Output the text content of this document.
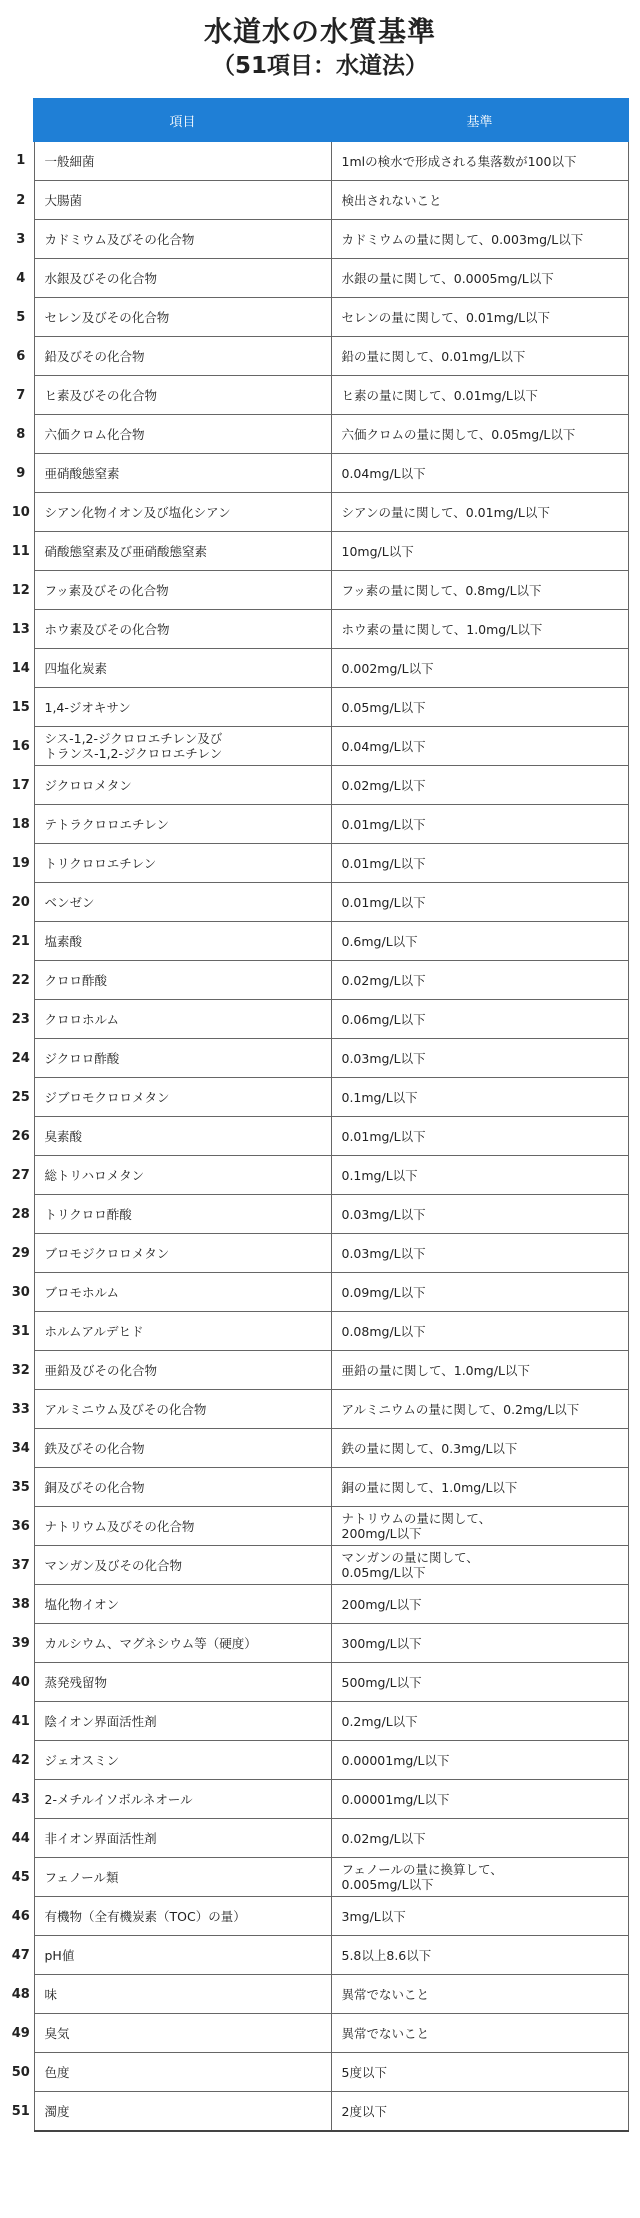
水道水の水質基準

（51項目：水道法）

	項目	基準
1	一般細菌	1mlの検水で形成される集落数が100以下
2	大腸菌	検出されないこと
3	カドミウム及びその化合物	カドミウムの量に関して、0.003mg/L以下
4	水銀及びその化合物	水銀の量に関して、0.0005mg/L以下
5	セレン及びその化合物	セレンの量に関して、0.01mg/L以下
6	鉛及びその化合物	鉛の量に関して、0.01mg/L以下
7	ヒ素及びその化合物	ヒ素の量に関して、0.01mg/L以下
8	六価クロム化合物	六価クロムの量に関して、0.05mg/L以下
9	亜硝酸態窒素	0.04mg/L以下
10	シアン化物イオン及び塩化シアン	シアンの量に関して、0.01mg/L以下
11	硝酸態窒素及び亜硝酸態窒素	10mg/L以下
12	フッ素及びその化合物	フッ素の量に関して、0.8mg/L以下
13	ホウ素及びその化合物	ホウ素の量に関して、1.0mg/L以下
14	四塩化炭素	0.002mg/L以下
15	1,4-ジオキサン	0.05mg/L以下
16	シス-1,2-ジクロロエチレン及び
トランス-1,2-ジクロロエチレン	0.04mg/L以下
17	ジクロロメタン	0.02mg/L以下
18	テトラクロロエチレン	0.01mg/L以下
19	トリクロロエチレン	0.01mg/L以下
20	ベンゼン	0.01mg/L以下
21	塩素酸	0.6mg/L以下
22	クロロ酢酸	0.02mg/L以下
23	クロロホルム	0.06mg/L以下
24	ジクロロ酢酸	0.03mg/L以下
25	ジブロモクロロメタン	0.1mg/L以下
26	臭素酸	0.01mg/L以下
27	総トリハロメタン	0.1mg/L以下
28	トリクロロ酢酸	0.03mg/L以下
29	ブロモジクロロメタン	0.03mg/L以下
30	ブロモホルム	0.09mg/L以下
31	ホルムアルデヒド	0.08mg/L以下
32	亜鉛及びその化合物	亜鉛の量に関して、1.0mg/L以下
33	アルミニウム及びその化合物	アルミニウムの量に関して、0.2mg/L以下
34	鉄及びその化合物	鉄の量に関して、0.3mg/L以下
35	銅及びその化合物	銅の量に関して、1.0mg/L以下
36	ナトリウム及びその化合物	ナトリウムの量に関して、
200mg/L以下
37	マンガン及びその化合物	マンガンの量に関して、
0.05mg/L以下
38	塩化物イオン	200mg/L以下
39	カルシウム、マグネシウム等（硬度）	300mg/L以下
40	蒸発残留物	500mg/L以下
41	陰イオン界面活性剤	0.2mg/L以下
42	ジェオスミン	0.00001mg/L以下
43	2-メチルイソボルネオール	0.00001mg/L以下
44	非イオン界面活性剤	0.02mg/L以下
45	フェノール類	フェノールの量に換算して、
0.005mg/L以下
46	有機物（全有機炭素（TOC）の量）	3mg/L以下
47	pH値	5.8以上8.6以下
48	味	異常でないこと
49	臭気	異常でないこと
50	色度	5度以下
51	濁度	2度以下
